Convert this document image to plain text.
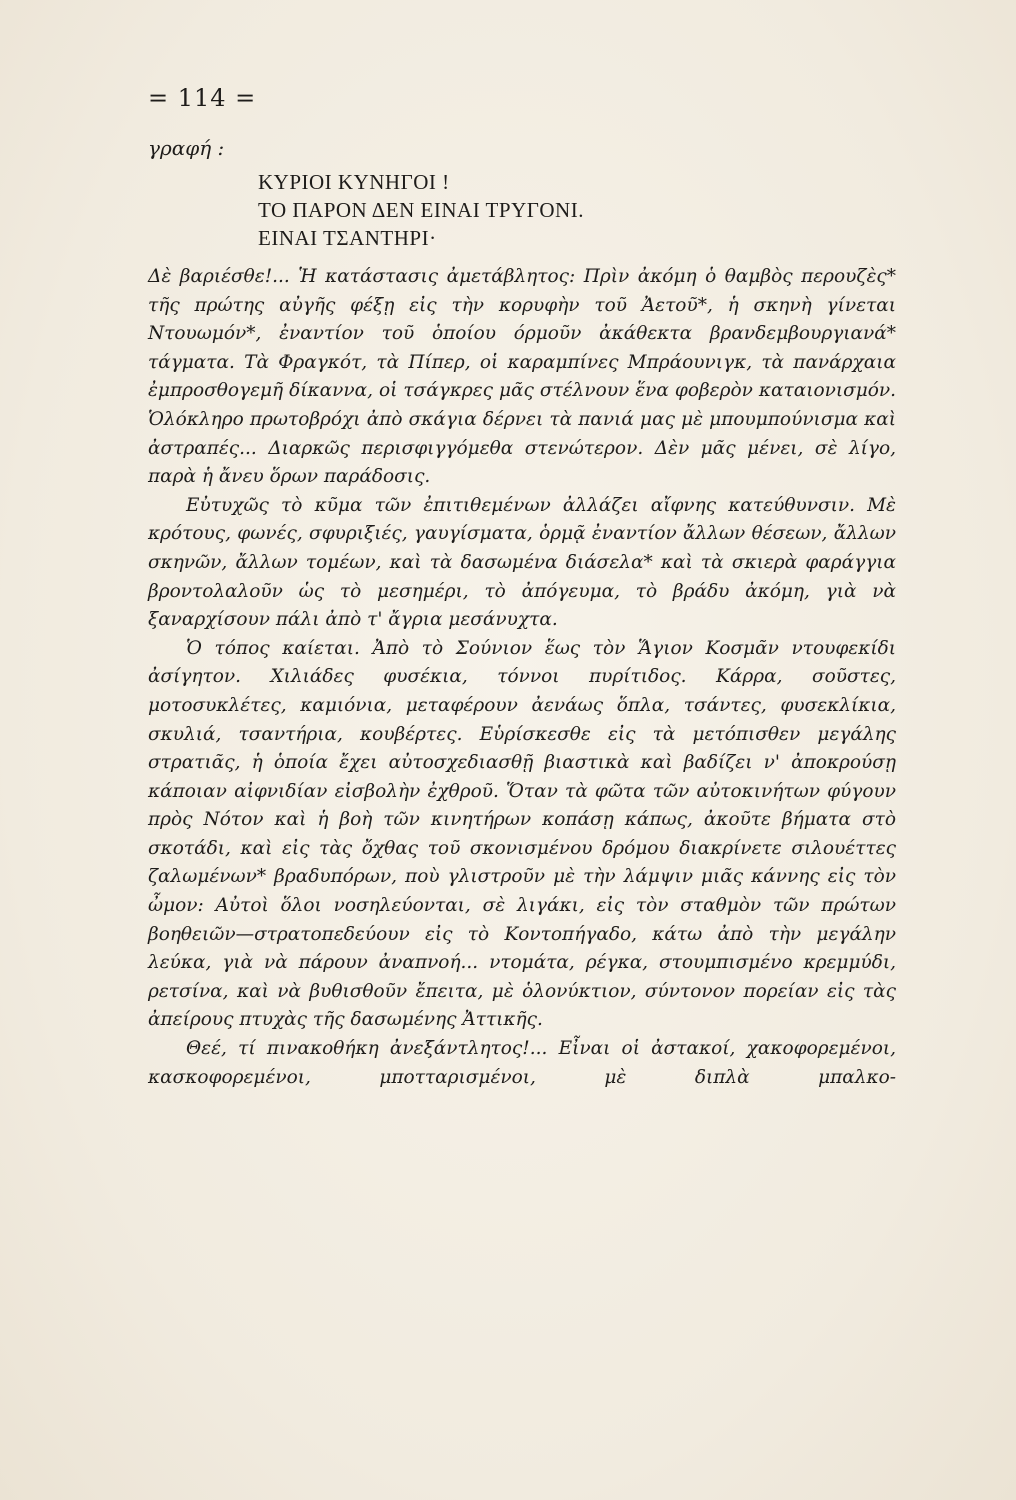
= 114 =
γραφή :
ΚΥΡΙΟΙ ΚΥΝΗΓΟΙ !
ΤΟ ΠΑΡΟΝ ΔΕΝ ΕΙΝΑΙ ΤΡΥΓΟΝΙ.
ΕΙΝΑΙ ΤΣΑΝΤΗΡΙ·

Δὲ βαριέσθε!... Ἡ κατάστασις ἀμετάβλητος: Πρὶν ἀκόμη ὁ θαμβὸς περουζὲς* τῆς πρώτης αὐγῆς φέξῃ εἰς τὴν κορυφὴν τοῦ Ἀετοῦ*, ἡ σκηνὴ γίνεται Ντουωμόν*, ἐναντίον τοῦ ὁποίου όρμοῦν ἀκάθεκτα βρανδεμβουργιανά* τάγματα. Τὰ Φραγκότ, τὰ Πίπερ, οἱ καραμπίνες Μπράουνιγκ, τὰ πανάρχαια ἐμπροσθογεμῆ δίκαννα, οἱ τσάγκρες μᾶς στέλνουν ἕνα φοβερὸν καταιονισμόν. Ὁλόκληρο πρωτοβρόχι ἀπὸ σκάγια δέρνει τὰ πανιά μας μὲ μπουμπούνισμα καὶ ἀστραπές... Διαρκῶς περισφιγγόμεθα στενώτερον. Δὲν μᾶς μένει, σὲ λίγο, παρὰ ἡ ἄνευ ὅρων παράδοσις.

Εὐτυχῶς τὸ κῦμα τῶν ἐπιτιθεμένων ἀλλάζει αἴφνης κατεύθυνσιν. Μὲ κρότους, φωνές, σφυριξιές, γαυγίσματα, ὁρμᾷ ἐναντίον ἄλλων θέσεων, ἄλλων σκηνῶν, ἄλλων τομέων, καὶ τὰ δασωμένα διάσελα* καὶ τὰ σκιερὰ φαράγγια βροντολαλοῦν ὡς τὸ μεσημέρι, τὸ ἀπόγευμα, τὸ βράδυ ἀκόμη, γιὰ νὰ ξαναρχίσουν πάλι ἀπὸ τ' ἄγρια μεσάνυχτα.

Ὁ τόπος καίεται. Ἀπὸ τὸ Σούνιον ἕως τὸν Ἅγιον Κοσμᾶν ντουφεκίδι ἀσίγητον. Χιλιάδες φυσέκια, τόννοι πυρίτιδος. Κάρρα, σοῦστες, μοτοσυκλέτες, καμιόνια, μεταφέρουν ἀενάως ὅπλα, τσάντες, φυσεκλίκια, σκυλιά, τσαντήρια, κουβέρτες. Εὑρίσκεσθε εἰς τὰ μετόπισθεν μεγάλης στρατιᾶς, ἡ ὁποία ἔχει αὐτοσχεδιασθῇ βιαστικὰ καὶ βαδίζει ν' ἀποκρούσῃ κάποιαν αἰφνιδίαν εἰσβολὴν ἐχθροῦ. Ὅταν τὰ φῶτα τῶν αὐτοκινήτων φύγουν πρὸς Νότον καὶ ἡ βοὴ τῶν κινητήρων κοπάσῃ κάπως, ἀκοῦτε βήματα στὸ σκοτάδι, καὶ εἰς τὰς ὄχθας τοῦ σκονισμένου δρόμου διακρίνετε σιλουέττες ζαλωμένων* βραδυπόρων, ποὺ γλιστροῦν μὲ τὴν λάμψιν μιᾶς κάννης εἰς τὸν ὦμον: Αὐτοὶ ὅλοι νοσηλεύονται, σὲ λιγάκι, εἰς τὸν σταθμὸν τῶν πρώτων βοηθειῶν—στρατοπεδεύουν εἰς τὸ Κοντοπήγαδο, κάτω ἀπὸ τὴν μεγάλην λεύκα, γιὰ νὰ πάρουν ἀναπνοή... ντομάτα, ρέγκα, στουμπισμένο κρεμμύδι, ρετσίνα, καὶ νὰ βυθισθοῦν ἔπειτα, μὲ ὁλονύκτιον, σύντονον πορείαν εἰς τὰς ἀπείρους πτυχὰς τῆς δασωμένης Ἀττικῆς.

Θεέ, τί πινακοθήκη ἀνεξάντλητος!... Εἶναι οἱ ἀστακοί, χακοφορεμένοι, κασκοφορεμένοι, μποτταρισμένοι, μὲ διπλὰ μπαλκο-
